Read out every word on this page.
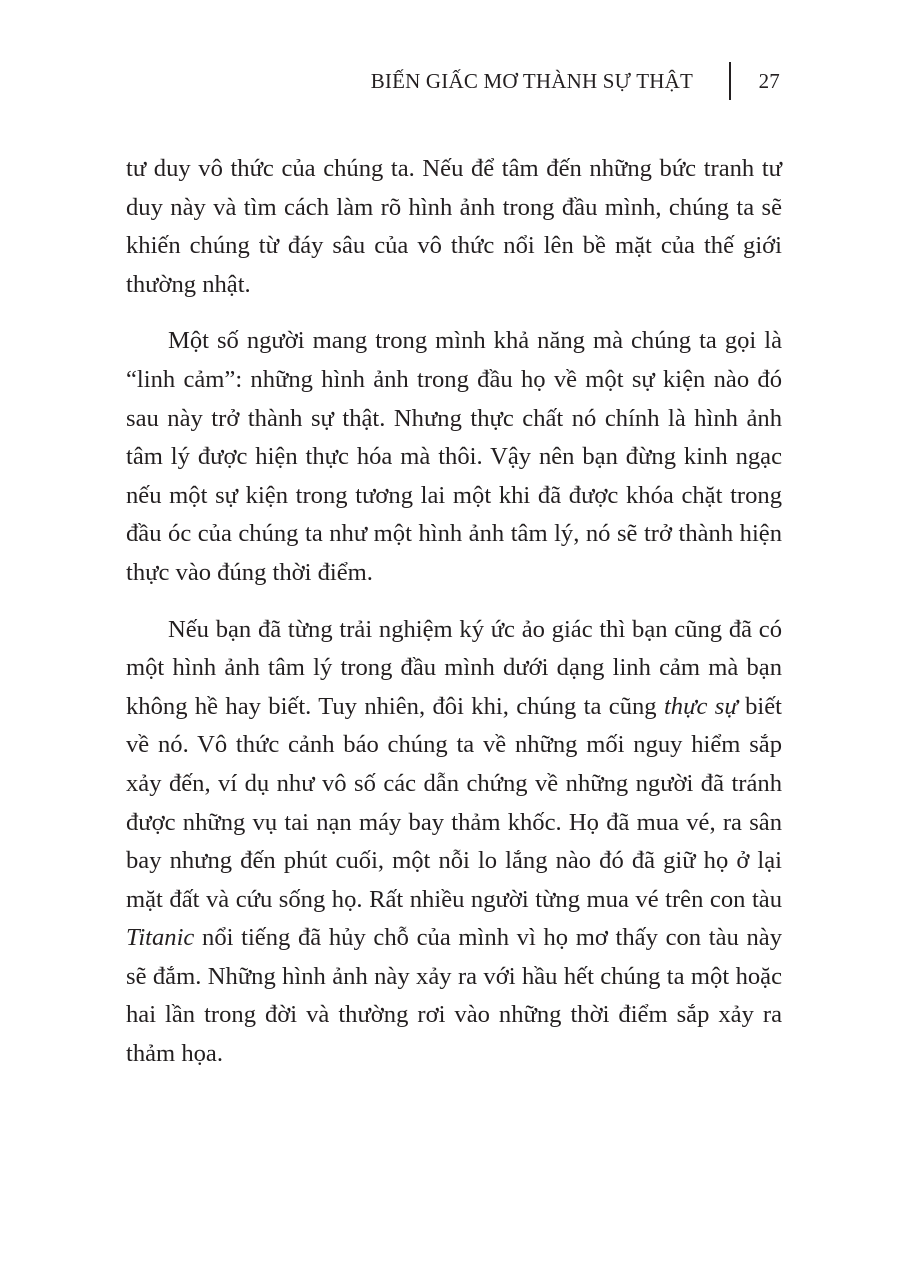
BIẾN GIẤC MƠ THÀNH SỰ THẬT	27

tư duy vô thức của chúng ta. Nếu để tâm đến những bức tranh tư duy này và tìm cách làm rõ hình ảnh trong đầu mình, chúng ta sẽ khiến chúng từ đáy sâu của vô thức nổi lên bề mặt của thế giới thường nhật.

Một số người mang trong mình khả năng mà chúng ta gọi là “linh cảm”: những hình ảnh trong đầu họ về một sự kiện nào đó sau này trở thành sự thật. Nhưng thực chất nó chính là hình ảnh tâm lý được hiện thực hóa mà thôi. Vậy nên bạn đừng kinh ngạc nếu một sự kiện trong tương lai một khi đã được khóa chặt trong đầu óc của chúng ta như một hình ảnh tâm lý, nó sẽ trở thành hiện thực vào đúng thời điểm.

Nếu bạn đã từng trải nghiệm ký ức ảo giác thì bạn cũng đã có một hình ảnh tâm lý trong đầu mình dưới dạng linh cảm mà bạn không hề hay biết. Tuy nhiên, đôi khi, chúng ta cũng thực sự biết về nó. Vô thức cảnh báo chúng ta về những mối nguy hiểm sắp xảy đến, ví dụ như vô số các dẫn chứng về những người đã tránh được những vụ tai nạn máy bay thảm khốc. Họ đã mua vé, ra sân bay nhưng đến phút cuối, một nỗi lo lắng nào đó đã giữ họ ở lại mặt đất và cứu sống họ. Rất nhiều người từng mua vé trên con tàu Titanic nổi tiếng đã hủy chỗ của mình vì họ mơ thấy con tàu này sẽ đắm. Những hình ảnh này xảy ra với hầu hết chúng ta một hoặc hai lần trong đời và thường rơi vào những thời điểm sắp xảy ra thảm họa.
